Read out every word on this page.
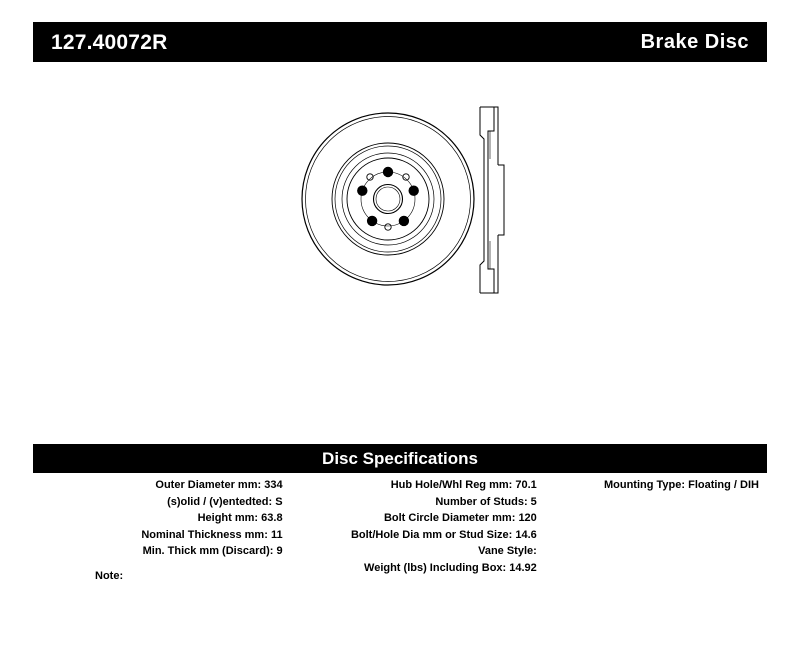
127.40072R	Brake Disc
Disc Specifications
Outer Diameter mm: 334
(s)olid / (v)entedted: S
Height mm: 63.8
Nominal Thickness mm: 11
Min. Thick mm (Discard): 9
Hub Hole/Whl Reg mm: 70.1
Number of Studs: 5
Bolt Circle Diameter mm: 120
Bolt/Hole Dia mm or Stud Size: 14.6
Vane Style:
Weight (lbs) Including Box: 14.92
Mounting Type: Floating / DIH
Note:
